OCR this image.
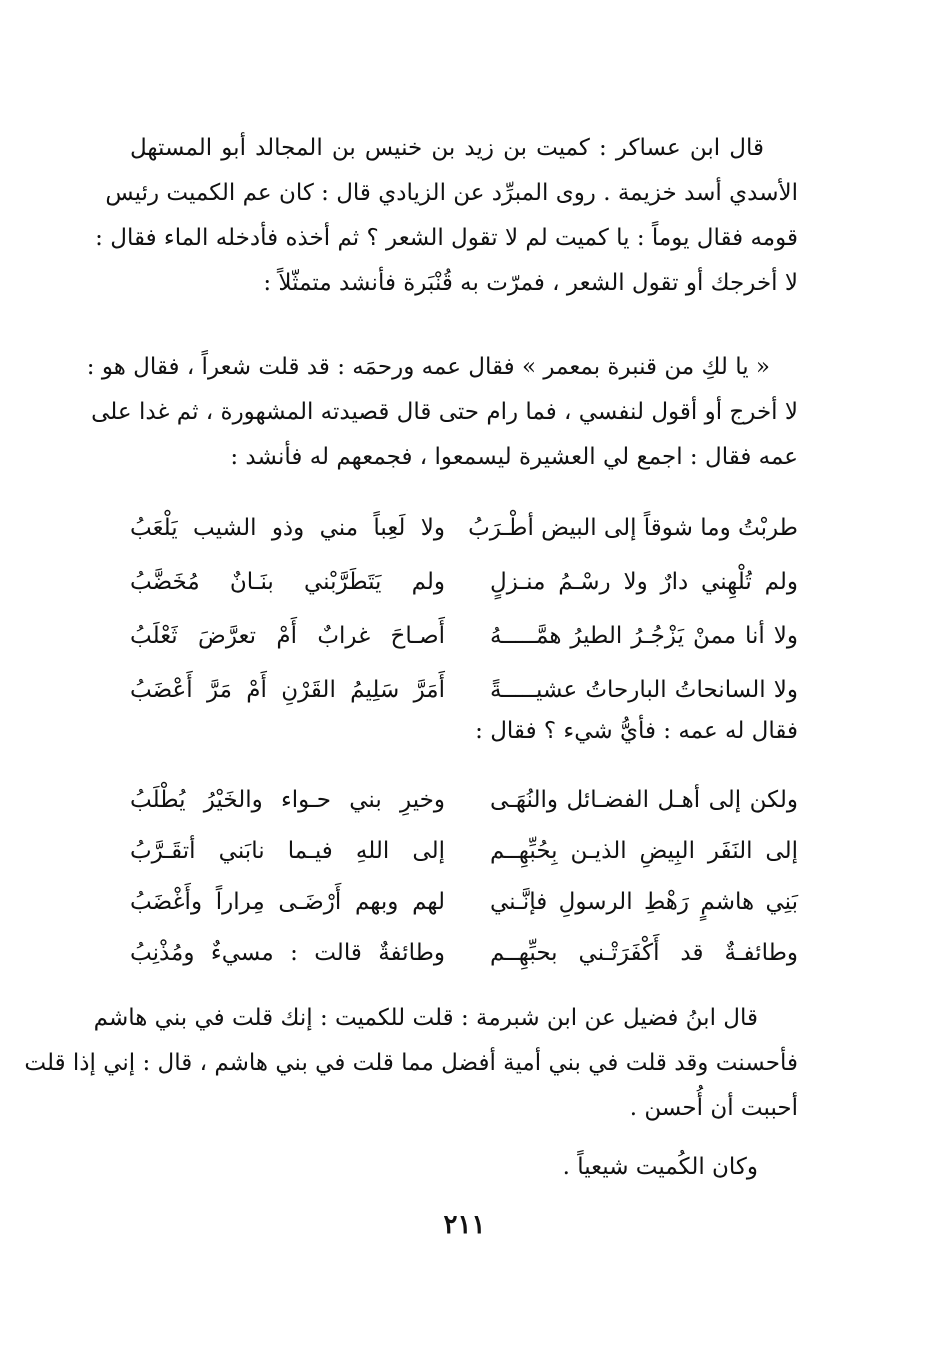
قال ابن عساكر : كميت بن زيد بن خنيس بن المجالد أبو المستهل
الأسدي أسد خزيمة . روى المبرِّد عن الزيادي قال : كان عم الكميت رئيس
قومه فقال يوماً : يا كميت لم لا تقول الشعر ؟ ثم أخذه فأدخله الماء فقال :
لا أخرجك أو تقول الشعر ، فمرّت به قُنْبَرة فأنشد متمثّلاً :
« يا لكِ من قنبرة بمعمر » فقال عمه ورحمَه : قد قلت شعراً ، فقال هو :
لا أخرج أو أقول لنفسي ، فما رام حتى قال قصيدته المشهورة ، ثم غدا على
عمه فقال : اجمع لي العشيرة ليسمعوا ، فجمعهم له فأنشد :
طربْتُ وما شوقاً إلى البيض أطْـرَبُ
ولا لَعِباً مني وذو الشيب يَلْعَبُ
ولم تُلْهِني دارٌ ولا رسْـمُ منـزلٍ
ولم يَتَطَرَّبْني بنَـانٌ مُخَضَّبُ
ولا أنا ممنْ يَزْجُـرُ الطيرُ همَّـــــهُ
أَصـاحَ غرابٌ أَمْ تعرَّضَ ثَعْلَبُ
ولا السانحاتُ البارحاتُ عشيـــــةً
أَمَرَّ سَلِيمُ القَرْنِ أَمْ مَرَّ أَعْضَبُ
فقال له عمه : فأيُّ شيء ؟ فقال :
ولكن إلى أهـل الفضـائل والنُهَـى
وخيرِ بني حـواء والخَيْرُ يُطْلَبُ
إلى النَفَر البِيضِ الذيـن بِحُبِّهِــم
إلى اللهِ فيـما نابَني أتقَـرَّبُ
بَنِي هاشمٍ رَهْطِ الرسولِ فإنَّـني
لهم وبهم أَرْضَـى مِراراً وأَغْضَبُ
وطائفـةٌ قد أَكْفَرَتْـني بحبِّهِــم
وطائفةٌ قالت : مسيءٌ ومُذْنِبُ
قال ابنُ فضيل عن ابن شبرمة : قلت للكميت : إنك قلت في بني هاشم
فأحسنت وقد قلت في بني أمية أفضل مما قلت في بني هاشم ، قال : إني إذا قلت
أحببت أن أُحسن .
وكان الكُميت شيعياً .
٢١١
